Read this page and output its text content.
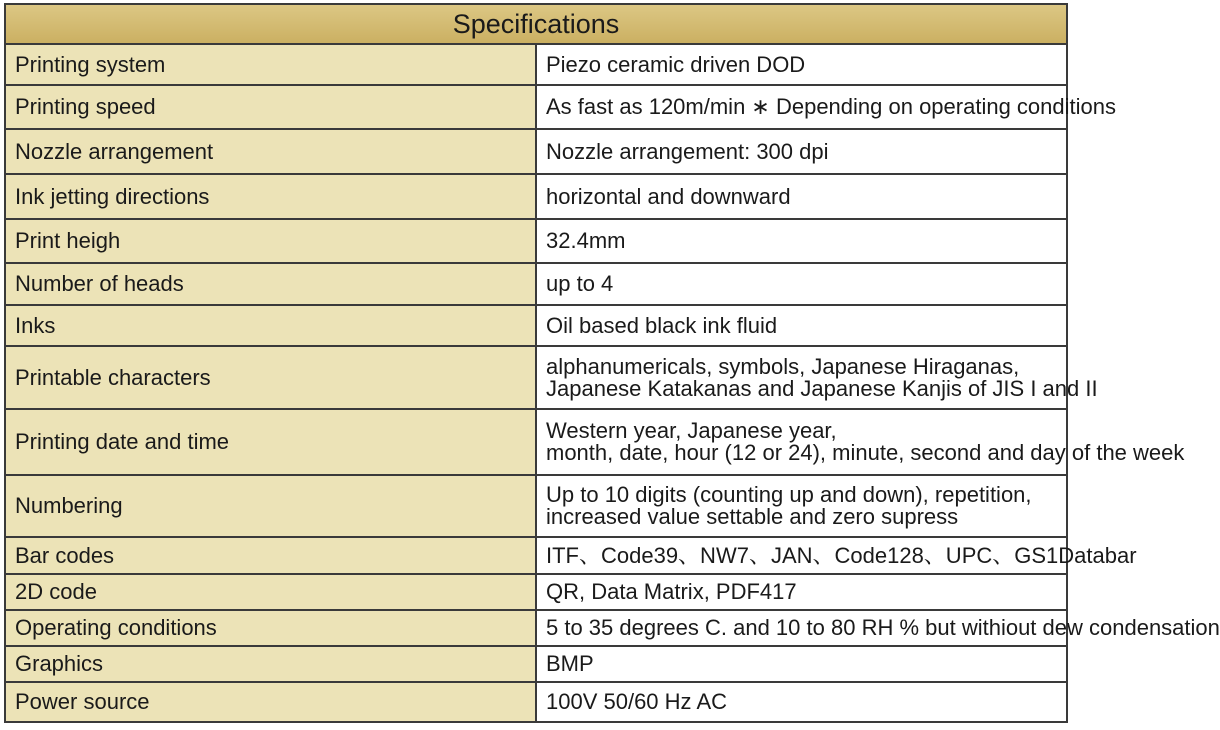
Specifications	
Printing system	Piezo ceramic driven DOD

Printing speed	As fast as 120m/min ∗ Depending on operating conditions

Nozzle arrangement	Nozzle arrangement: 300 dpi

Ink jetting directions	horizontal and downward

Print heigh	32.4mm

Number of heads	up to 4

Inks	Oil based black ink fluid

Printable characters	alphanumericals, symbols, Japanese Hiraganas,
Japanese Katakanas and Japanese Kanjis of JIS I and II

Printing date and time	Western year, Japanese year,
month, date, hour (12 or 24), minute, second and day of the week

Numbering	Up to 10 digits (counting up and down), repetition,
increased value settable and zero supress

Bar codes	ITF、Code39、NW7、JAN、Code128、UPC、GS1Databar

2D code	QR, Data Matrix, PDF417

Operating conditions	5 to 35 degrees C. and 10 to 80 RH % but withiout dew condensation

Graphics	BMP

Power source	100V 50/60 Hz AC
